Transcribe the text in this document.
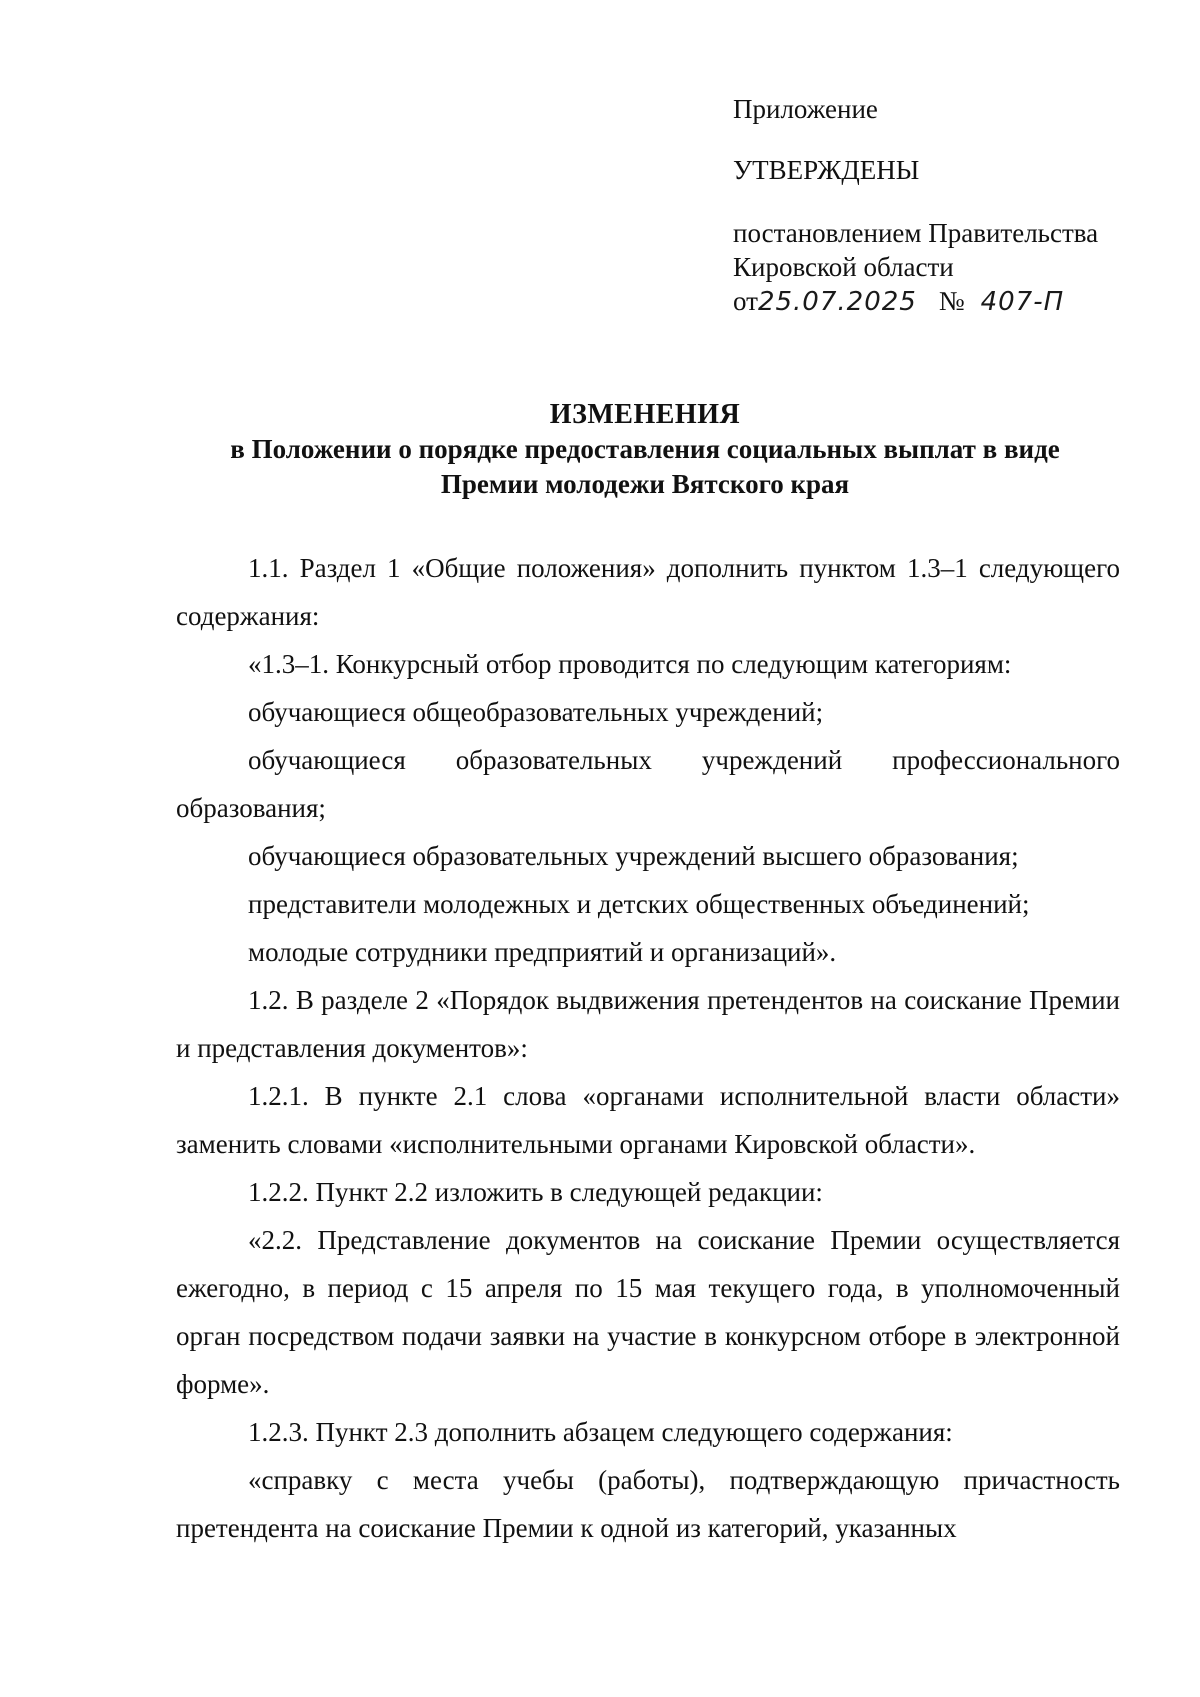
Приложение
УТВЕРЖДЕНЫ
постановлением Правительства
Кировской области
от25.07.2025 № 407-П
ИЗМЕНЕНИЯ
в Положении о порядке предоставления социальных выплат в виде
Премии молодежи Вятского края

1.1. Раздел 1 «Общие положения» дополнить пунктом 1.3–1 следующего содержания:

«1.3–1. Конкурсный отбор проводится по следующим категориям:

обучающиеся общеобразовательных учреждений;

обучающиеся образовательных учреждений профессионального образования;

обучающиеся образовательных учреждений высшего образования;

представители молодежных и детских общественных объединений;

молодые сотрудники предприятий и организаций».

1.2. В разделе 2 «Порядок выдвижения претендентов на соискание Премии и представления документов»:

1.2.1. В пункте 2.1 слова «органами исполнительной власти области» заменить словами «исполнительными органами Кировской области».

1.2.2. Пункт 2.2 изложить в следующей редакции:

«2.2. Представление документов на соискание Премии осуществляется ежегодно, в период с 15 апреля по 15 мая текущего года, в уполномоченный орган посредством подачи заявки на участие в конкурсном отборе в электронной форме».

1.2.3. Пункт 2.3 дополнить абзацем следующего содержания:

«справку с места учебы (работы), подтверждающую причастность претендента на соискание Премии к одной из категорий, указанных
